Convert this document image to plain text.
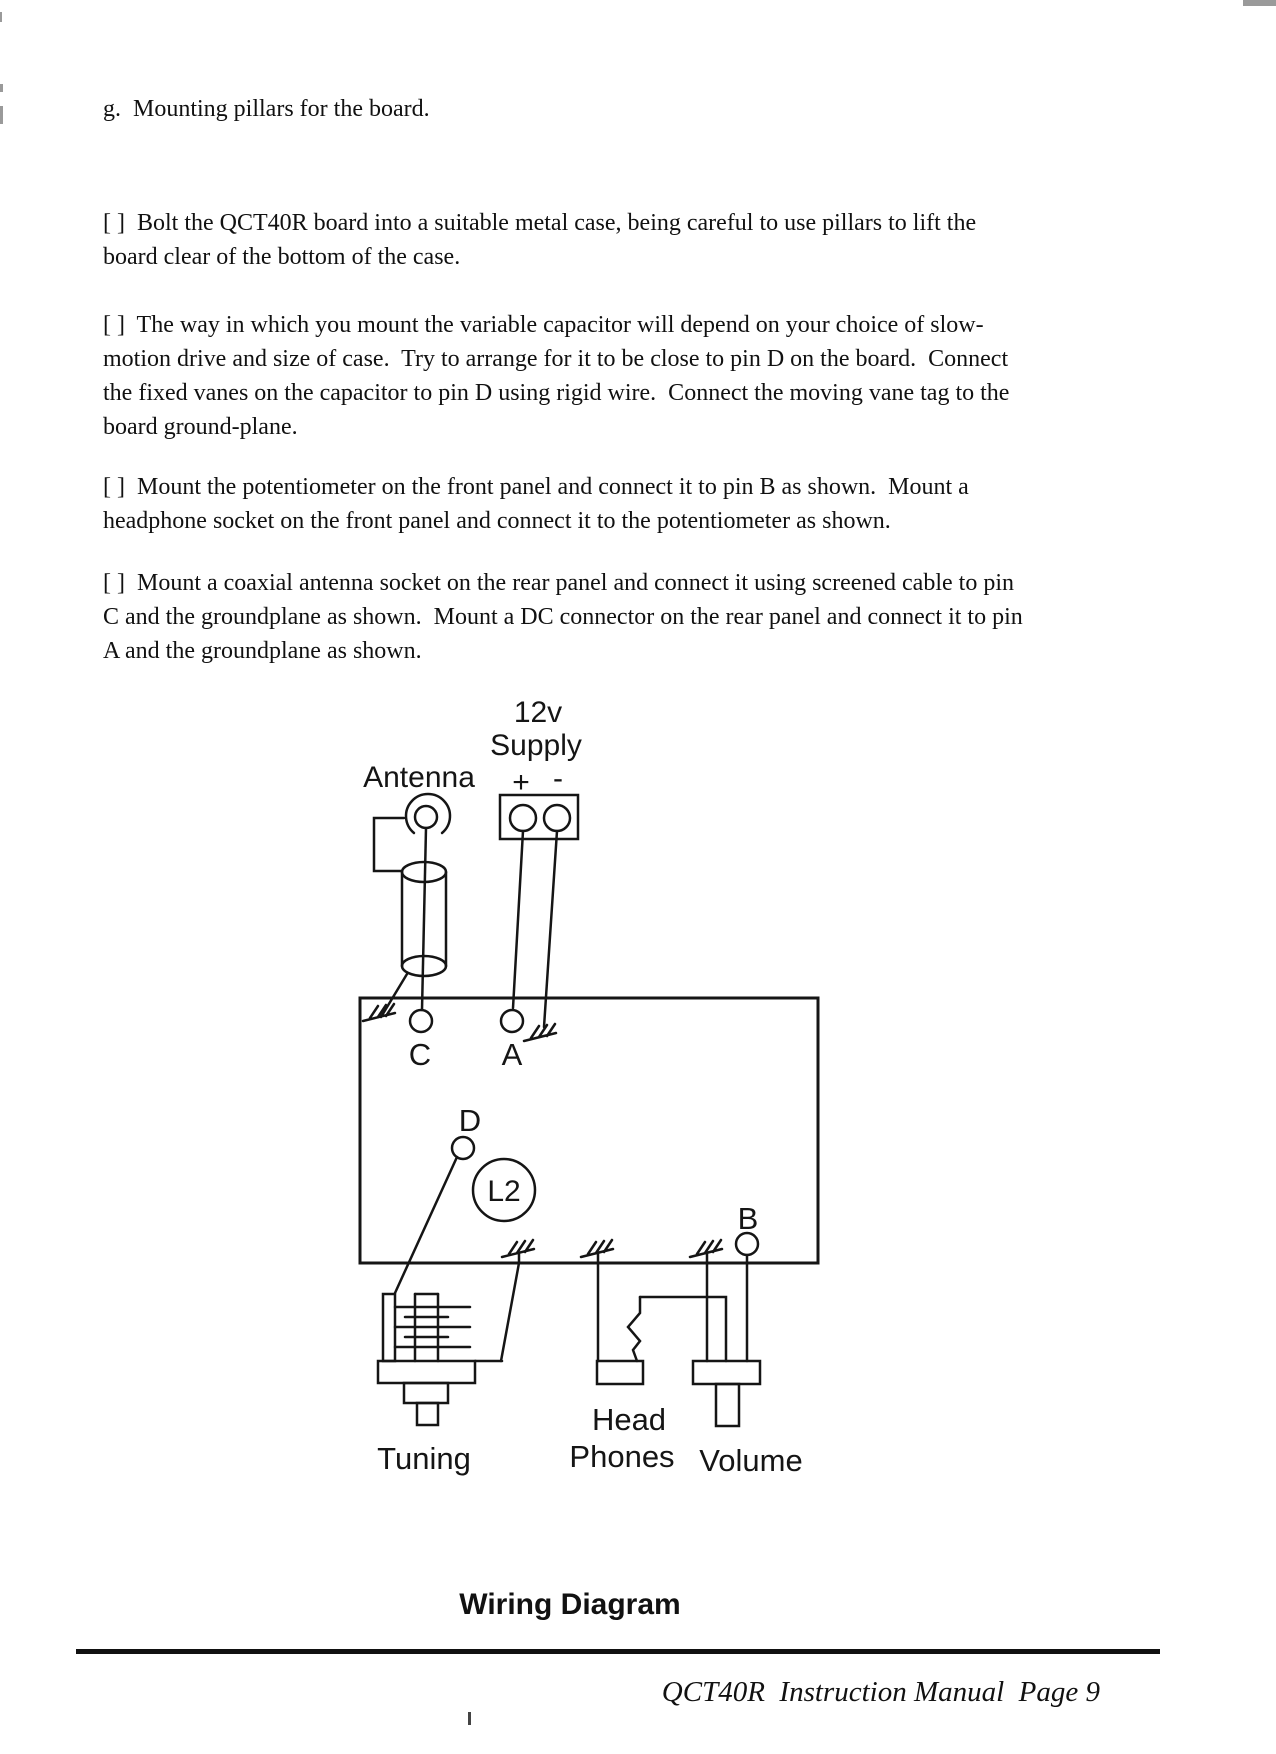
g.  Mounting pillars for the board.
[ ]  Bolt the QCT40R board into a suitable metal case, being careful to use pillars to lift the
board clear of the bottom of the case.
[ ]  The way in which you mount the variable capacitor will depend on your choice of slow-
motion drive and size of case.  Try to arrange for it to be close to pin D on the board.  Connect
the fixed vanes on the capacitor to pin D using rigid wire.  Connect the moving vane tag to the
board ground-plane.
[ ]  Mount the potentiometer on the front panel and connect it to pin B as shown.  Mount a
headphone socket on the front panel and connect it to the potentiometer as shown.
[ ]  Mount a coaxial antenna socket on the rear panel and connect it using screened cable to pin
C and the groundplane as shown.  Mount a DC connector on the rear panel and connect it to pin
A and the groundplane as shown.
12v
Supply
Antenna + -
C A
D
B
L2
Tuning
Head
Phones Volume
Wiring Diagram
QCT40R  Instruction Manual  Page 9
